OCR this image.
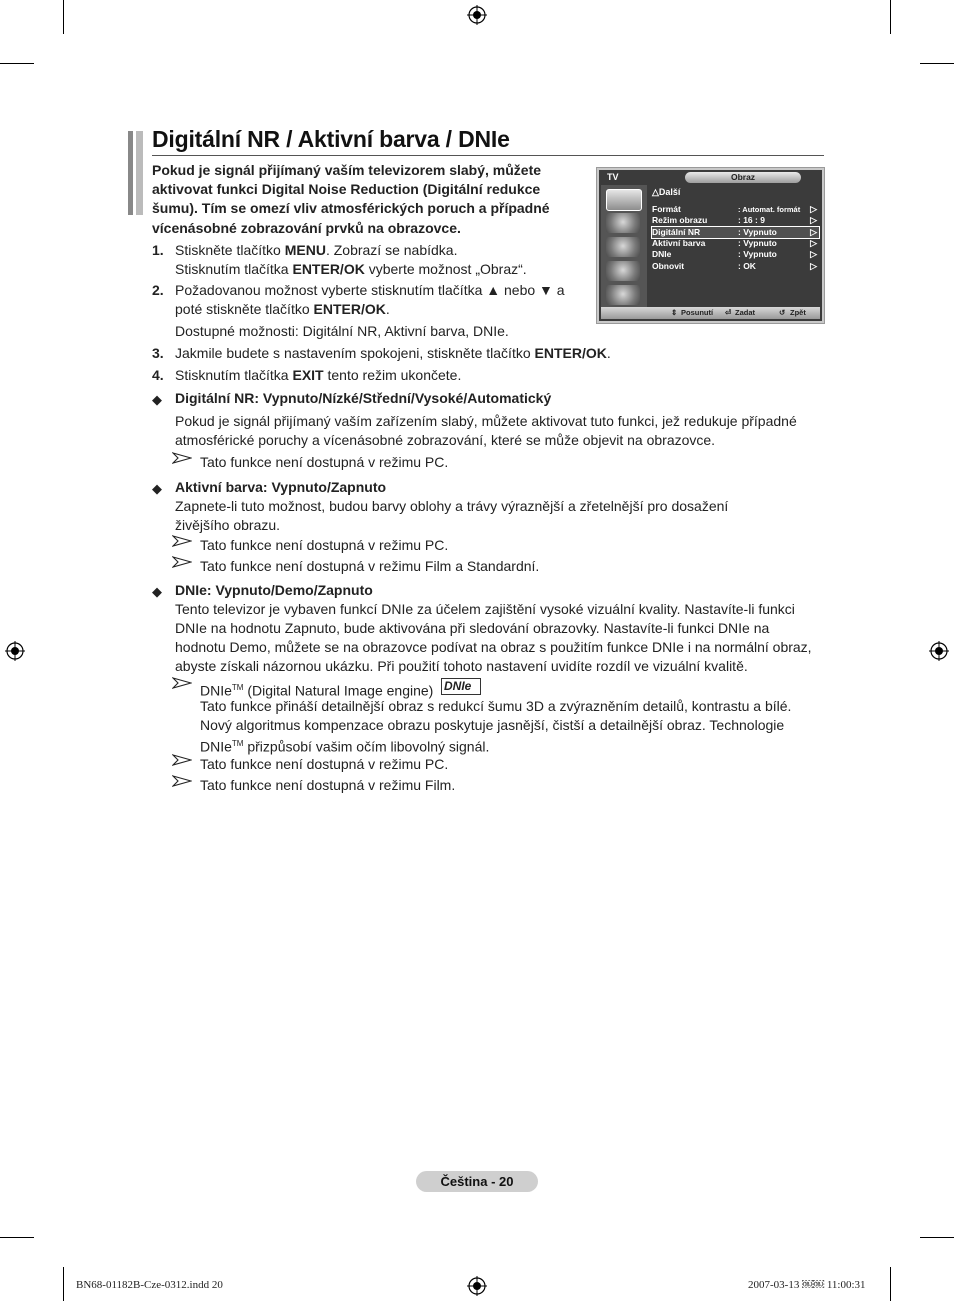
Digitální NR / Aktivní barva / DNIe
Pokud je signál přijímaný vaším televizorem slabý, můžete aktivovat funkci Digital Noise Reduction (Digitální redukce šumu). Tím se omezí vliv atmosférických poruch a případné vícenásobné zobrazování prvků na obrazovce.
1. Stiskněte tlačítko MENU. Zobrazí se nabídka.
Stisknutím tlačítka ENTER/OK vyberte možnost „Obraz“.
2. Požadovanou možnost vyberte stisknutím tlačítka ▲ nebo ▼ a
poté stiskněte tlačítko ENTER/OK.
Dostupné možnosti: Digitální NR, Aktivní barva, DNIe.
3. Jakmile budete s nastavením spokojeni, stiskněte tlačítko ENTER/OK.
4. Stisknutím tlačítka EXIT tento režim ukončete.
TV	Obraz
△Další
Formát	: Automat. formát ▷
Režim obrazu	: 16 : 9	▷
Digitální NR	: Vypnuto	▷
Aktivní barva	: Vypnuto	▷
DNIe	: Vypnuto	▷
Obnovit	: OK	▷
⇕ Posunutí ⏎ Zadat	↺ Zpět
◆ Digitální NR: Vypnuto/Nízké/Střední/Vysoké/Automatický
Pokud je signál přijímaný vaším zařízením slabý, můžete aktivovat tuto funkci, jež redukuje případné
atmosférické poruchy a vícenásobné zobrazování, které se může objevit na obrazovce.
Tato funkce není dostupná v režimu PC.
◆ Aktivní barva: Vypnuto/Zapnuto
Zapnete-li tuto možnost, budou barvy oblohy a trávy výraznější a zřetelnější pro dosažení
živějšího obrazu.
Tato funkce není dostupná v režimu PC.
Tato funkce není dostupná v režimu Film a Standardní.
◆ DNIe: Vypnuto/Demo/Zapnuto
Tento televizor je vybaven funkcí DNIe za účelem zajištění vysoké vizuální kvality. Nastavíte-li funkci
DNIe na hodnotu Zapnuto, bude aktivována při sledování obrazovky. Nastavíte-li funkci DNIe na
hodnotu Demo, můžete se na obrazovce podívat na obraz s použitím funkce DNIe i na normální obraz,
abyste získali názornou ukázku. Při použití tohoto nastavení uvidíte rozdíl ve vizuální kvalitě.
DNIe™ (Digital Natural Image engine) DNIe
Tato funkce přináší detailnější obraz s redukcí šumu 3D a zvýrazněním detailů, kontrastu a bílé.
Nový algoritmus kompenzace obrazu poskytuje jasnější, čistší a detailnější obraz. Technologie
DNIe™ přizpůsobí vašim očím libovolný signál.
Tato funkce není dostupná v režimu PC.
Tato funkce není dostupná v režimu Film.
Čeština - 20
BN68-01182B-Cze-0312.indd 20	2007-03-13 ￼￼ 11:00:31
